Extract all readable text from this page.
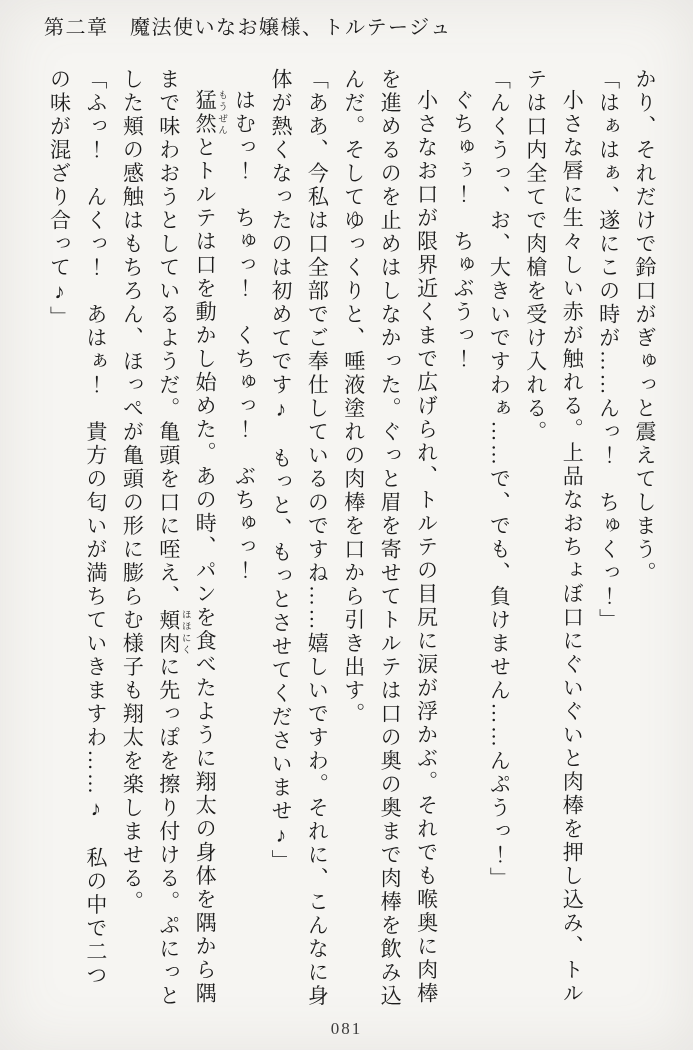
第二章　魔法使いなお嬢様、トルテージュ

かり、それだけで鈴口がぎゅっと震えてしまう。

「はぁはぁ、遂にこの時が……んっ！　ちゅくっ！」

小さな唇に生々しい赤が触れる。上品なおちょぼ口にぐいぐいと肉棒を押し込み、トルテは口内全てで肉槍を受け入れる。

「んくうっ、お、大きいですわぁ……で、でも、負けません……んぷうっ！」

ぐちゅぅ！　ちゅぶうっ！

小さなお口が限界近くまで広げられ、トルテの目尻に涙が浮かぶ。それでも喉奥に肉棒を進めるのを止めはしなかった。ぐっと眉を寄せてトルテは口の奥の奥まで肉棒を飲み込んだ。そしてゆっくりと、唾液塗れの肉棒を口から引き出す。

「ああ、今私は口全部でご奉仕しているのですね……嬉しいですわ。それに、こんなに身体が熱くなったのは初めてです♪　もっと、もっとさせてくださいませ♪」

はむっ！　ちゅっ！　くちゅっ！　ぶちゅっ！

猛然 もうぜんとトルテは口を動かし始めた。あの時、パンを食べたように翔太の身体を隅から隅まで味わおうとしているようだ。亀頭を口に咥え、頬肉 ほほにくに先っぽを擦り付ける。ぷにっとした頬の感触はもちろん、ほっぺが亀頭の形に膨らむ様子も翔太を楽しませる。

「ふっ！　んくっ！　あはぁ！　貴方の匂いが満ちていきますわ……♪　私の中で二つの味が混ざり合って♪」

081
